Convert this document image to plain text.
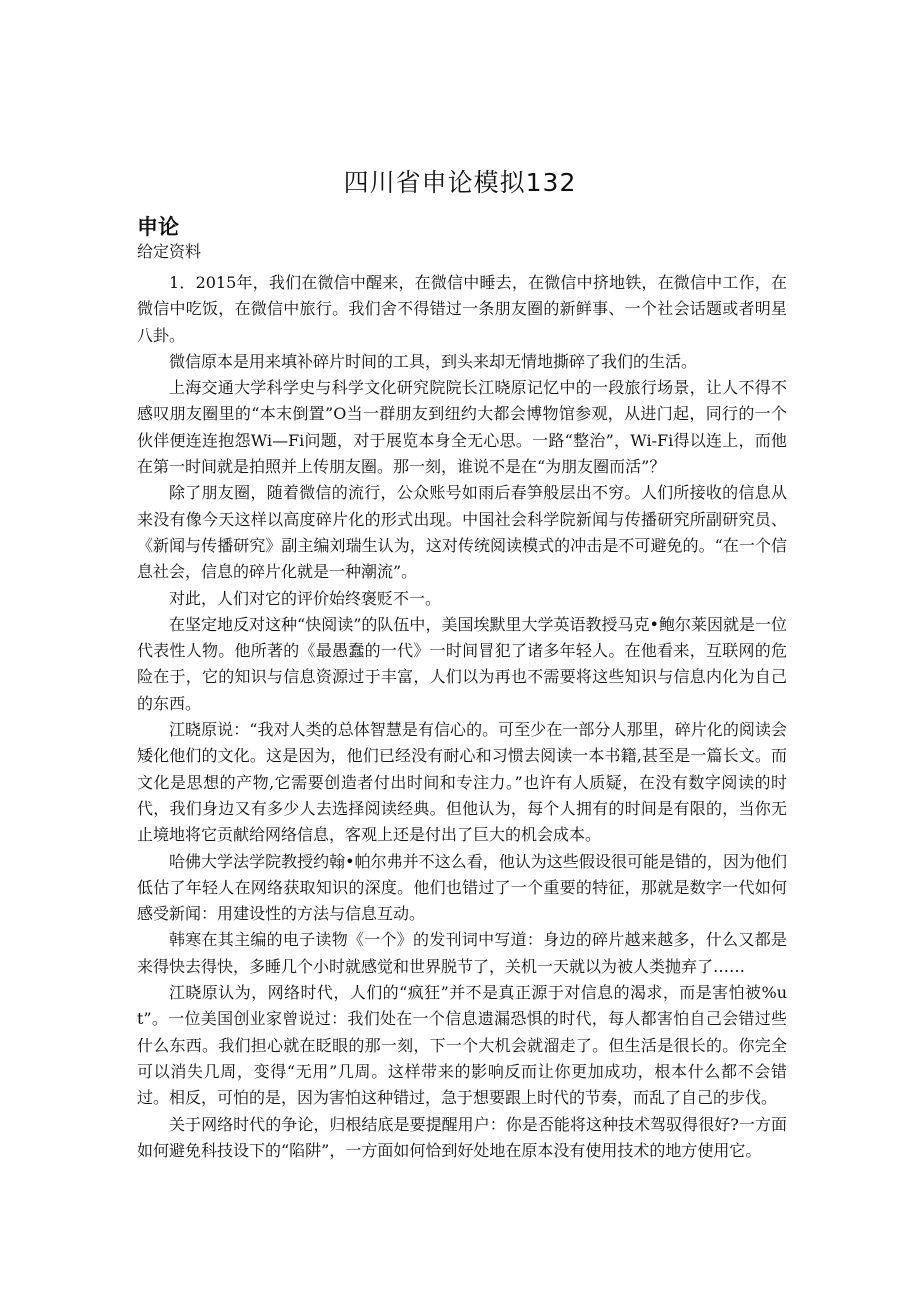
四川省申论模拟132
申论
给定资料

1．2015年，我们在微信中醒来，在微信中睡去，在微信中挤地铁，在微信中工作，在微信中吃饭，在微信中旅行。我们舍不得错过一条朋友圈的新鲜事、一个社会话题或者明星八卦。

微信原本是用来填补碎片时间的工具，到头来却无情地撕碎了我们的生活。

上海交通大学科学史与科学文化研究院院长江晓原记忆中的一段旅行场景，让人不得不感叹朋友圈里的“本末倒置”O当一群朋友到纽约大都会博物馆参观，从进门起，同行的一个伙伴便连连抱怨Wi—Fi问题，对于展览本身全无心思。一路“整治”，Wi-Fi得以连上，而他在第一时间就是拍照并上传朋友圈。那一刻，谁说不是在“为朋友圈而活”？

除了朋友圈，随着微信的流行，公众账号如雨后春笋般层出不穷。人们所接收的信息从来没有像今天这样以高度碎片化的形式出现。中国社会科学院新闻与传播研究所副研究员、《新闻与传播研究》副主编刘瑞生认为，这对传统阅读模式的冲击是不可避免的。“在一个信息社会，信息的碎片化就是一种潮流”。

对此，人们对它的评价始终褒贬不一。

在坚定地反对这种“快阅读”的队伍中，美国埃默里大学英语教授马克•鲍尔莱因就是一位代表性人物。他所著的《最愚蠢的一代》一时间冒犯了诸多年轻人。在他看来，互联网的危险在于，它的知识与信息资源过于丰富，人们以为再也不需要将这些知识与信息内化为自己的东西。

江晓原说：“我对人类的总体智慧是有信心的。可至少在一部分人那里，碎片化的阅读会矮化他们的文化。这是因为，他们已经没有耐心和习惯去阅读一本书籍,甚至是一篇长文。而文化是思想的产物,它需要创造者付出时间和专注力。”也许有人质疑，在没有数字阅读的时代，我们身边又有多少人去选择阅读经典。但他认为，每个人拥有的时间是有限的，当你无止境地将它贡献给网络信息，客观上还是付出了巨大的机会成本。

哈佛大学法学院教授约翰•帕尔弗并不这么看，他认为这些假设很可能是错的，因为他们低估了年轻人在网络获取知识的深度。他们也错过了一个重要的特征，那就是数字一代如何感受新闻：用建设性的方法与信息互动。

韩寒在其主编的电子读物《一个》的发刊词中写道：身边的碎片越来越多，什么又都是来得快去得快，多睡几个小时就感觉和世界脱节了，关机一天就以为被人类抛弃了……

江晓原认为，网络时代，人们的“疯狂”并不是真正源于对信息的渴求，而是害怕被%ut”。一位美国创业家曾说过：我们处在一个信息遗漏恐惧的时代，每人都害怕自己会错过些什么东西。我们担心就在眨眼的那一刻，下一个大机会就溜走了。但生活是很长的。你完全可以消失几周，变得“无用”几周。这样带来的影响反而让你更加成功，根本什么都不会错过。相反，可怕的是，因为害怕这种错过，急于想要跟上时代的节奏，而乱了自己的步伐。

关于网络时代的争论，归根结底是要提醒用户：你是否能将这种技术驾驭得很好?一方面如何避免科技设下的“陷阱”，一方面如何恰到好处地在原本没有使用技术的地方使用它。
